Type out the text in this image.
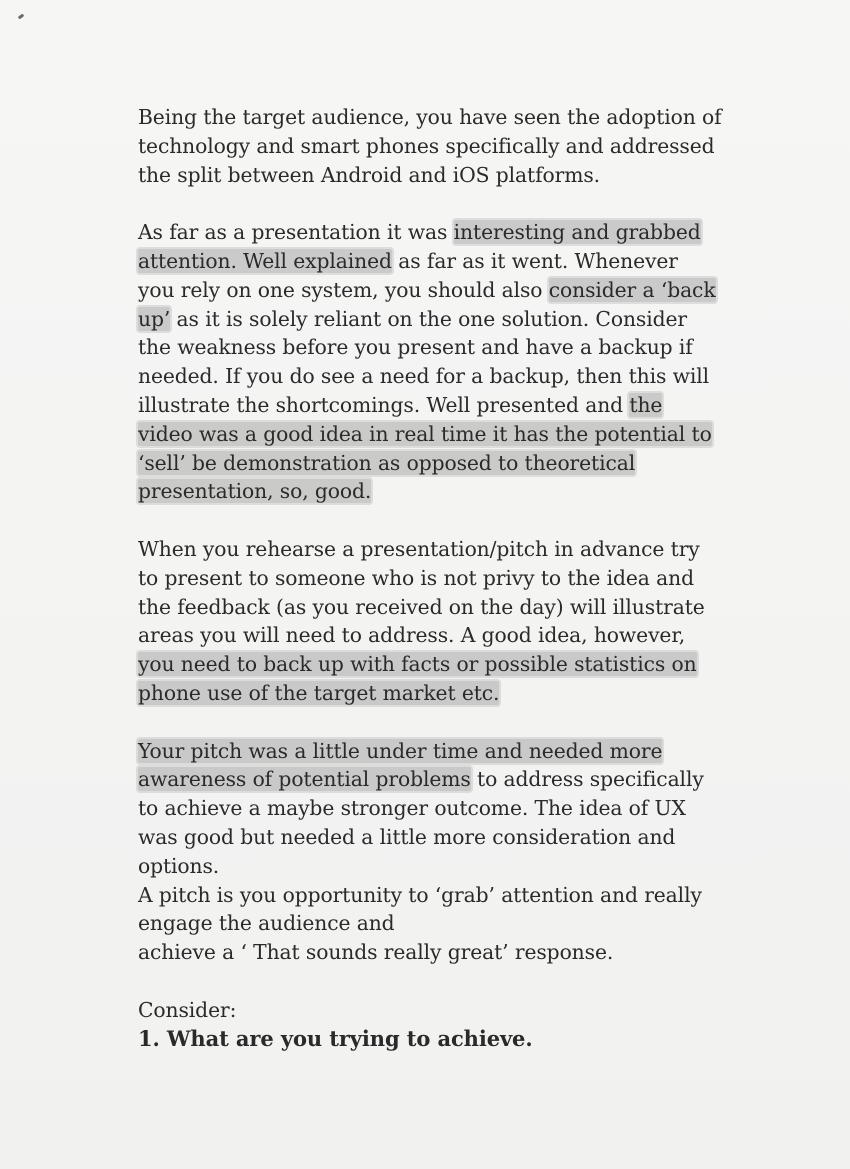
Being the target audience, you have seen the adoption of
technology and smart phones specifically and addressed
the split between Android and iOS platforms.
As far as a presentation it was interesting and grabbed
attention. Well explained as far as it went. Whenever
you rely on one system, you should also consider a ‘back
up’ as it is solely reliant on the one solution. Consider
the weakness before you present and have a backup if
needed. If you do see a need for a backup, then this will
illustrate the shortcomings. Well presented and the
video was a good idea in real time it has the potential to
‘sell’ be demonstration as opposed to theoretical
presentation, so, good.
When you rehearse a presentation/pitch in advance try
to present to someone who is not privy to the idea and
the feedback (as you received on the day) will illustrate
areas you will need to address. A good idea, however,
you need to back up with facts or possible statistics on
phone use of the target market etc.
Your pitch was a little under time and needed more
awareness of potential problems to address specifically
to achieve a maybe stronger outcome. The idea of UX
was good but needed a little more consideration and
options.
A pitch is you opportunity to ‘grab’ attention and really
engage the audience and
achieve a ‘ That sounds really great’ response.

Consider:

1. What are you trying to achieve.
